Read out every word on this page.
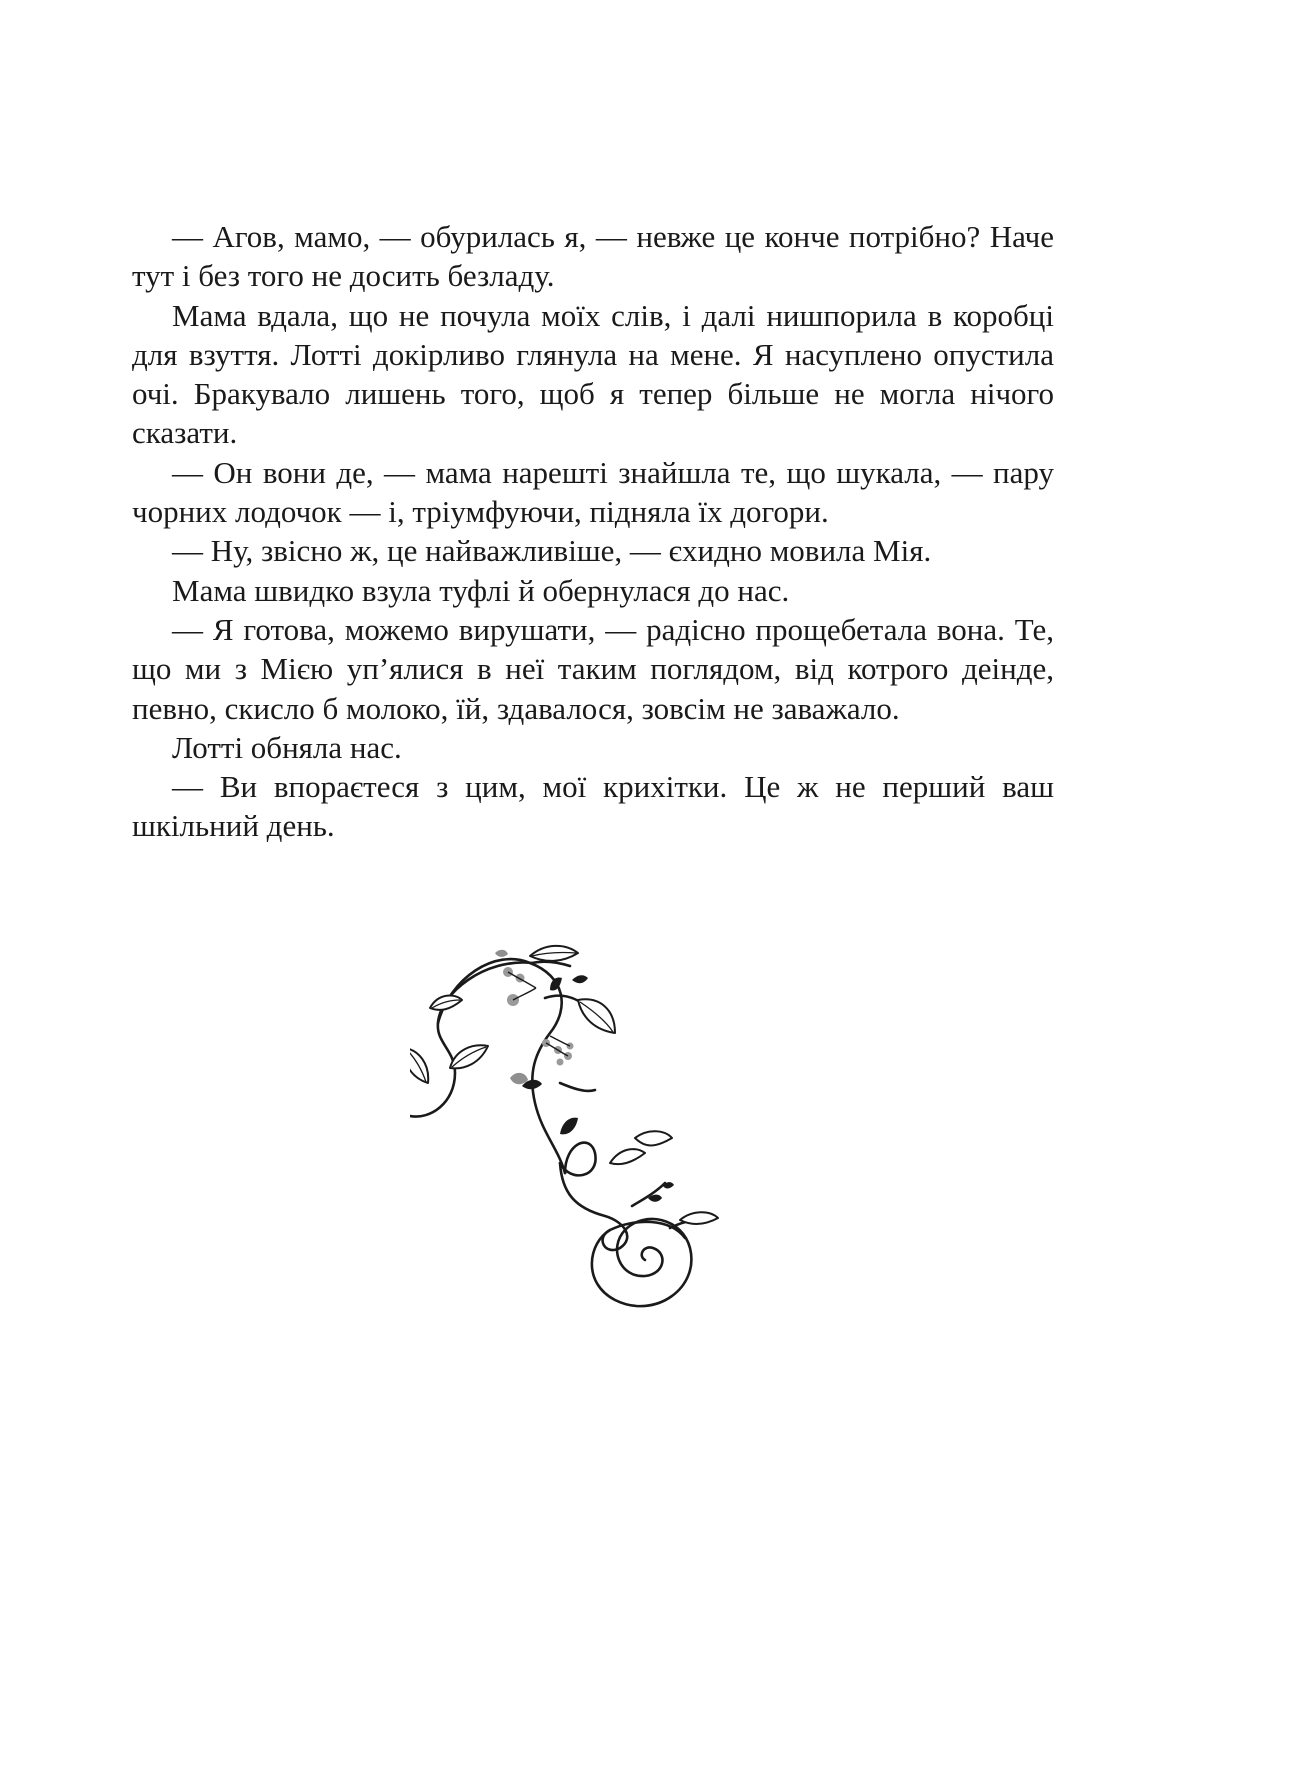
— Агов, мамо, — обурилась я, — невже це конче потрібно? Наче тут і без того не досить безладу.

Мама вдала, що не почула моїх слів, і далі нишпорила в коробці для взуття. Лотті докірливо глянула на мене. Я насуплено опустила очі. Бракувало лишень того, щоб я тепер більше не могла нічого сказати.

— Он вони де, — мама нарешті знайшла те, що шукала, — пару чорних лодочок — і, тріумфуючи, підняла їх догори.

— Ну, звісно ж, це найважливіше, — єхидно мовила Мія.

Мама швидко взула туфлі й обернулася до нас.

— Я готова, можемо вирушати, — радісно прощебетала вона. Те, що ми з Мією уп’ялися в неї таким поглядом, від котрого деінде, певно, скисло б молоко, їй, здавалося, зовсім не заважало.

Лотті обняла нас.

— Ви впораєтеся з цим, мої крихітки. Це ж не перший ваш шкільний день.
